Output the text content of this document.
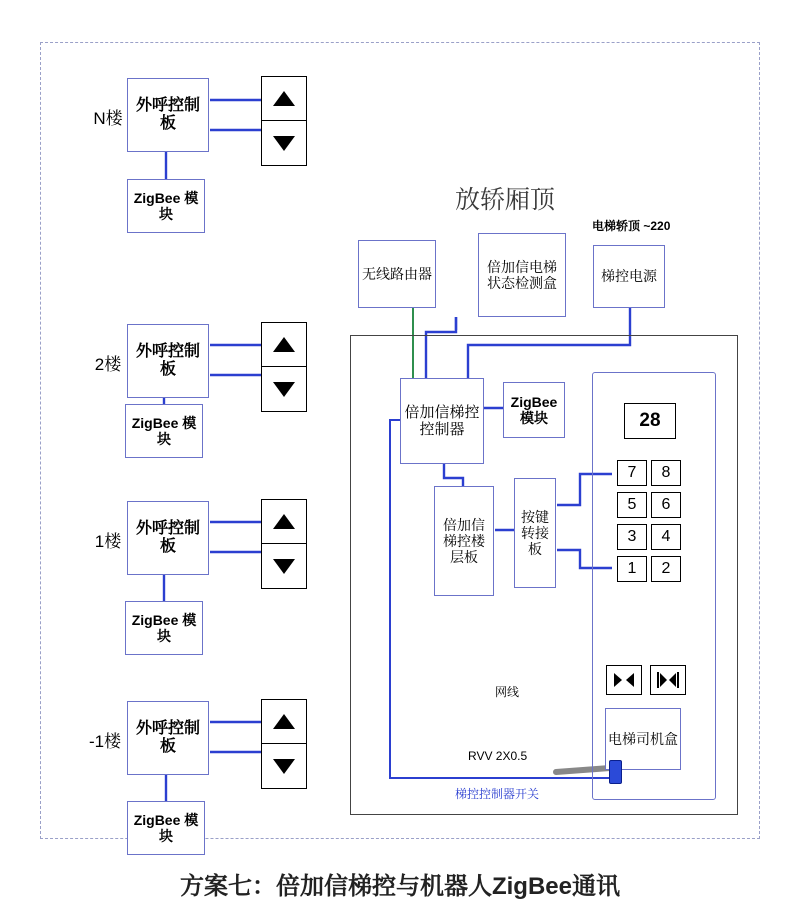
N楼
外呼控制板
ZigBee 模块
2楼
外呼控制板
ZigBee 模块
1楼
外呼控制板
ZigBee 模块
-1楼
外呼控制板
ZigBee 模块
放轿厢顶
电梯轿顶 ~220
无线路由器	倍加信电梯状态检测盒	梯控电源
倍加信梯控控制器
ZigBee 模块
倍加信梯控楼层板
按键转接板
28
7	8
5	6
3	4
1	2
电梯司机盒
网线
RVV 2X0.5
梯控控制器开关
方案七：倍加信梯控与机器人ZigBee通讯
